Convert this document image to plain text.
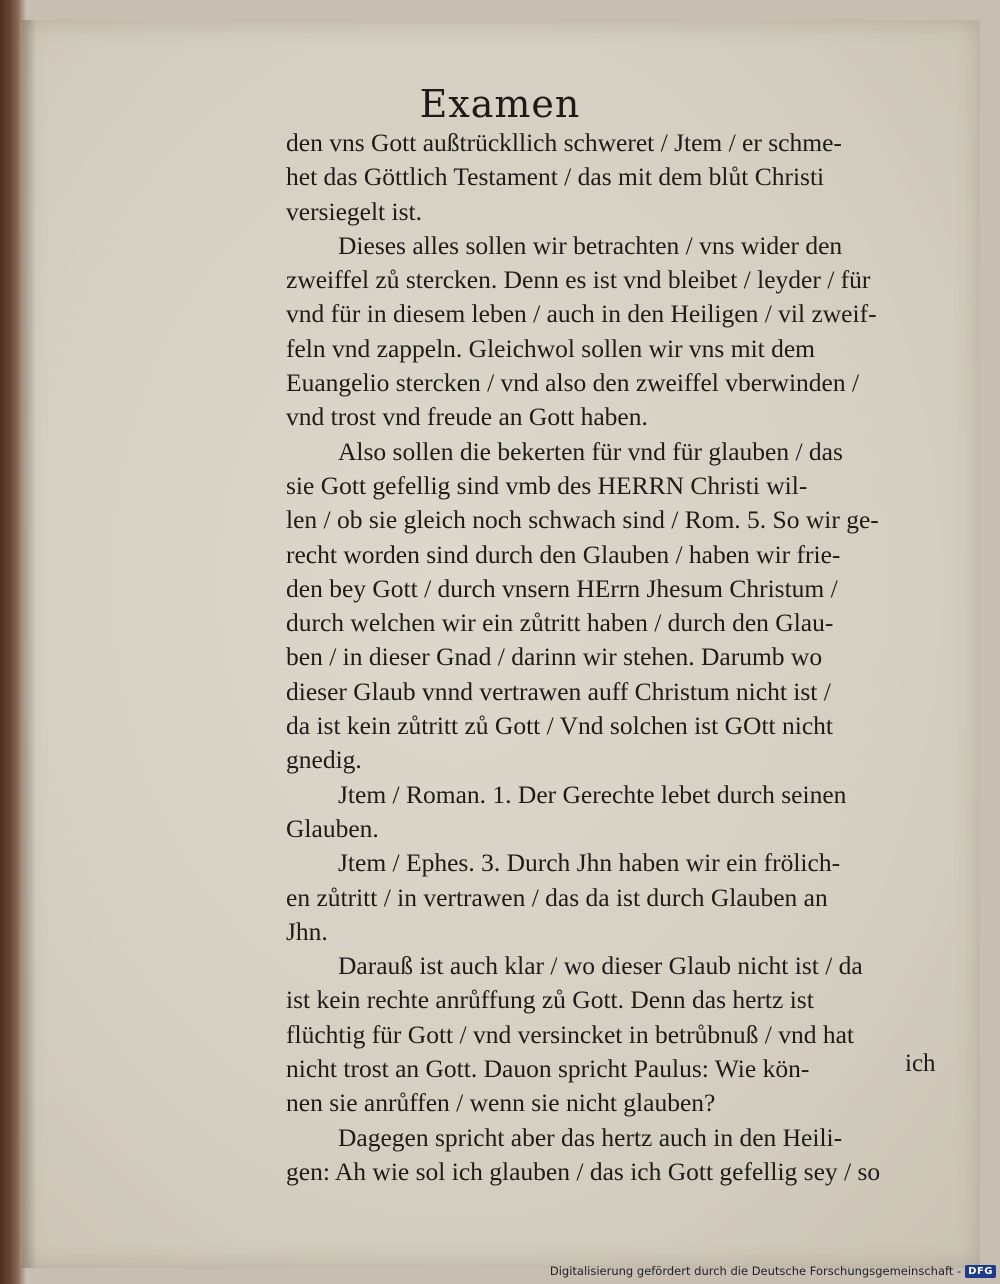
Examen
den vns Gott außtrückllich schweret / Jtem / er schme-
het das Göttlich Testament / das mit dem blůt Christi
versiegelt ist.
Dieses alles sollen wir betrachten / vns wider den
zweiffel zů stercken. Denn es ist vnd bleibet / leyder / für
vnd für in diesem leben / auch in den Heiligen / vil zweif-
feln vnd zappeln. Gleichwol sollen wir vns mit dem
Euangelio stercken / vnd also den zweiffel vberwinden /
vnd trost vnd freude an Gott haben.
Also sollen die bekerten für vnd für glauben / das
sie Gott gefellig sind vmb des HERRN Christi wil-
len / ob sie gleich noch schwach sind / Rom. 5. So wir ge-
recht worden sind durch den Glauben / haben wir frie-
den bey Gott / durch vnsern HErrn Jhesum Christum /
durch welchen wir ein zůtritt haben / durch den Glau-
ben / in dieser Gnad / darinn wir stehen. Darumb wo
dieser Glaub vnnd vertrawen auff Christum nicht ist /
da ist kein zůtritt zů Gott / Vnd solchen ist GOtt nicht
gnedig.
Jtem / Roman. 1. Der Gerechte lebet durch seinen
Glauben.
Jtem / Ephes. 3. Durch Jhn haben wir ein frölich-
en zůtritt / in vertrawen / das da ist durch Glauben an
Jhn.
Darauß ist auch klar / wo dieser Glaub nicht ist / da
ist kein rechte anrůffung zů Gott. Denn das hertz ist
flüchtig für Gott / vnd versincket in betrůbnuß / vnd hat
nicht trost an Gott. Dauon spricht Paulus: Wie kön-
nen sie anrůffen / wenn sie nicht glauben?
Dagegen spricht aber das hertz auch in den Heili-
gen: Ah wie sol ich glauben / das ich Gott gefellig sey / so
ich
Digitalisierung gefördert durch die Deutsche Forschungsgemeinschaft - DFG
